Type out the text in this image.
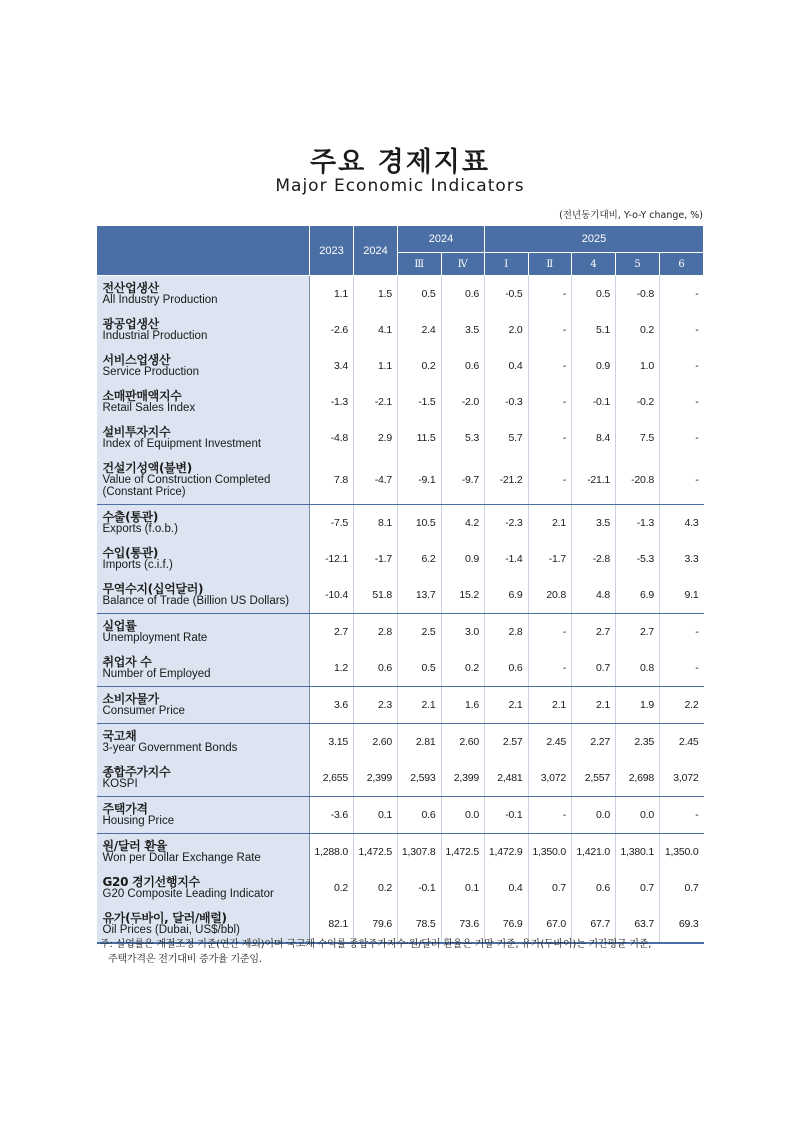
주요 경제지표
Major Economic Indicators
(전년동기대비, Y-o-Y change, %)
	2023	2024	2024		2025				
			Ⅲ	Ⅳ	Ⅰ	Ⅱ	4	5	6

전산업생산
All Industry Production	1.1	1.5	0.5	0.6	-0.5	-	0.5	-0.8	-

광공업생산
Industrial Production	-2.6	4.1	2.4	3.5	2.0	-	5.1	0.2	-

서비스업생산
Service Production	3.4	1.1	0.2	0.6	0.4	-	0.9	1.0	-

소매판매액지수
Retail Sales Index	-1.3	-2.1	-1.5	-2.0	-0.3	-	-0.1	-0.2	-

설비투자지수
Index of Equipment Investment	-4.8	2.9	11.5	5.3	5.7	-	8.4	7.5	-

건설기성액(불변)
Value of Construction Completed
(Constant Price)	7.8	-4.7	-9.1	-9.7	-21.2	-	-21.1	-20.8	-

수출(통관)
Exports (f.o.b.)	-7.5	8.1	10.5	4.2	-2.3	2.1	3.5	-1.3	4.3

수입(통관)
Imports (c.i.f.)	-12.1	-1.7	6.2	0.9	-1.4	-1.7	-2.8	-5.3	3.3

무역수지(십억달러)
Balance of Trade (Billion US Dollars)	-10.4	51.8	13.7	15.2	6.9	20.8	4.8	6.9	9.1

실업률
Unemployment Rate	2.7	2.8	2.5	3.0	2.8	-	2.7	2.7	-

취업자 수
Number of Employed	1.2	0.6	0.5	0.2	0.6	-	0.7	0.8	-

소비자물가
Consumer Price	3.6	2.3	2.1	1.6	2.1	2.1	2.1	1.9	2.2

국고채
3-year Government Bonds	3.15	2.60	2.81	2.60	2.57	2.45	2.27	2.35	2.45

종합주가지수
KOSPI	2,655	2,399	2,593	2,399	2,481	3,072	2,557	2,698	3,072

주택가격
Housing Price	-3.6	0.1	0.6	0.0	-0.1	-	0.0	0.0	-

원/달러 환율
Won per Dollar Exchange Rate	1,288.0	1,472.5	1,307.8	1,472.5	1,472.9	1,350.0	1,421.0	1,380.1	1,350.0

G20 경기선행지수
G20 Composite Leading Indicator	0.2	0.2	-0.1	0.1	0.4	0.7	0.6	0.7	0.7

유가(두바이, 달러/배럴)
Oil Prices (Dubai, US$/bbl)	82.1	79.6	78.5	73.6	76.9	67.0	67.7	63.7	69.3
주: 실업률은 계절조정 기준(연간 제외)이며 국고채 수익률·종합주가지수·원/달러 환율은 기말 기준, 유가(두바이)는 기간평균 기준,
주택가격은 전기대비 증가율 기준임.
